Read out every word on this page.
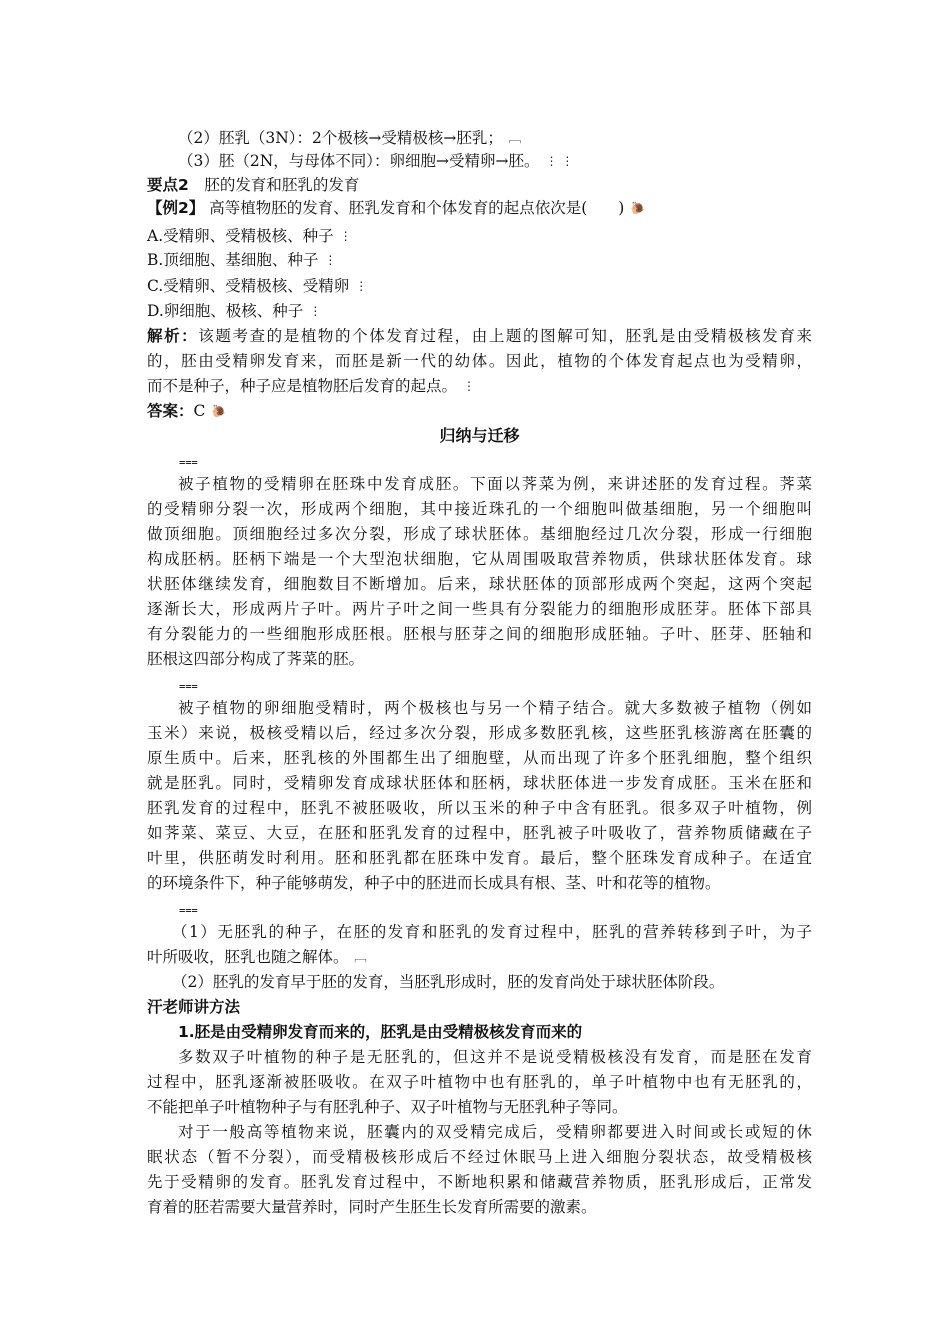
（2）胚乳（3N）：2个极核→受精极核→胚乳； ﹇
（3）胚（2N，与母体不同）：卵细胞→受精卵→胚。 ⋮ ⋮
要点2　 胚的发育和胚乳的发育
【例2】 高等植物胚的发育、胚乳发育和个体发育的起点依次是(　　) 🐌
A.受精卵、受精极核、种子 ⋮
B.顶细胞、基细胞、种子 ⋮
C.受精卵、受精极核、受精卵 ⋮
D.卵细胞、极核、种子 ⋮
解析：该题考查的是植物的个体发育过程，由上题的图解可知，胚乳是由受精极核发育来
的，胚由受精卵发育来，而胚是新一代的幼体。因此，植物的个体发育起点也为受精卵，
而不是种子，种子应是植物胚后发育的起点。 ⋮
答案：C 🐌
归纳与迁移
⩶
被子植物的受精卵在胚珠中发育成胚。下面以荠菜为例，来讲述胚的发育过程。荠菜
的受精卵分裂一次，形成两个细胞，其中接近珠孔的一个细胞叫做基细胞，另一个细胞叫
做顶细胞。顶细胞经过多次分裂，形成了球状胚体。基细胞经过几次分裂，形成一行细胞
构成胚柄。胚柄下端是一个大型泡状细胞，它从周围吸取营养物质，供球状胚体发育。球
状胚体继续发育，细胞数目不断增加。后来，球状胚体的顶部形成两个突起，这两个突起
逐渐长大，形成两片子叶。两片子叶之间一些具有分裂能力的细胞形成胚芽。胚体下部具
有分裂能力的一些细胞形成胚根。胚根与胚芽之间的细胞形成胚轴。子叶、胚芽、胚轴和
胚根这四部分构成了荠菜的胚。
⩶
被子植物的卵细胞受精时，两个极核也与另一个精子结合。就大多数被子植物（例如
玉米）来说，极核受精以后，经过多次分裂，形成多数胚乳核，这些胚乳核游离在胚囊的
原生质中。后来，胚乳核的外围都生出了细胞壁，从而出现了许多个胚乳细胞，整个组织
就是胚乳。同时，受精卵发育成球状胚体和胚柄，球状胚体进一步发育成胚。玉米在胚和
胚乳发育的过程中，胚乳不被胚吸收，所以玉米的种子中含有胚乳。很多双子叶植物，例
如荠菜、菜豆、大豆，在胚和胚乳发育的过程中，胚乳被子叶吸收了，营养物质储藏在子
叶里，供胚萌发时利用。胚和胚乳都在胚珠中发育。最后，整个胚珠发育成种子。在适宜
的环境条件下，种子能够萌发，种子中的胚进而长成具有根、茎、叶和花等的植物。
⩶
（1）无胚乳的种子，在胚的发育和胚乳的发育过程中，胚乳的营养转移到子叶，为子
叶所吸收，胚乳也随之解体。 ﹇
（2）胚乳的发育早于胚的发育，当胚乳形成时，胚的发育尚处于球状胚体阶段。
汗老师讲方法
1.胚是由受精卵发育而来的，胚乳是由受精极核发育而来的
多数双子叶植物的种子是无胚乳的，但这并不是说受精极核没有发育，而是胚在发育
过程中，胚乳逐渐被胚吸收。在双子叶植物中也有胚乳的，单子叶植物中也有无胚乳的，
不能把单子叶植物种子与有胚乳种子、双子叶植物与无胚乳种子等同。
对于一般高等植物来说，胚囊内的双受精完成后，受精卵都要进入时间或长或短的休
眠状态（暂不分裂），而受精极核形成后不经过休眠马上进入细胞分裂状态，故受精极核
先于受精卵的发育。胚乳发育过程中，不断地积累和储藏营养物质，胚乳形成后，正常发
育着的胚若需要大量营养时，同时产生胚生长发育所需要的激素。
